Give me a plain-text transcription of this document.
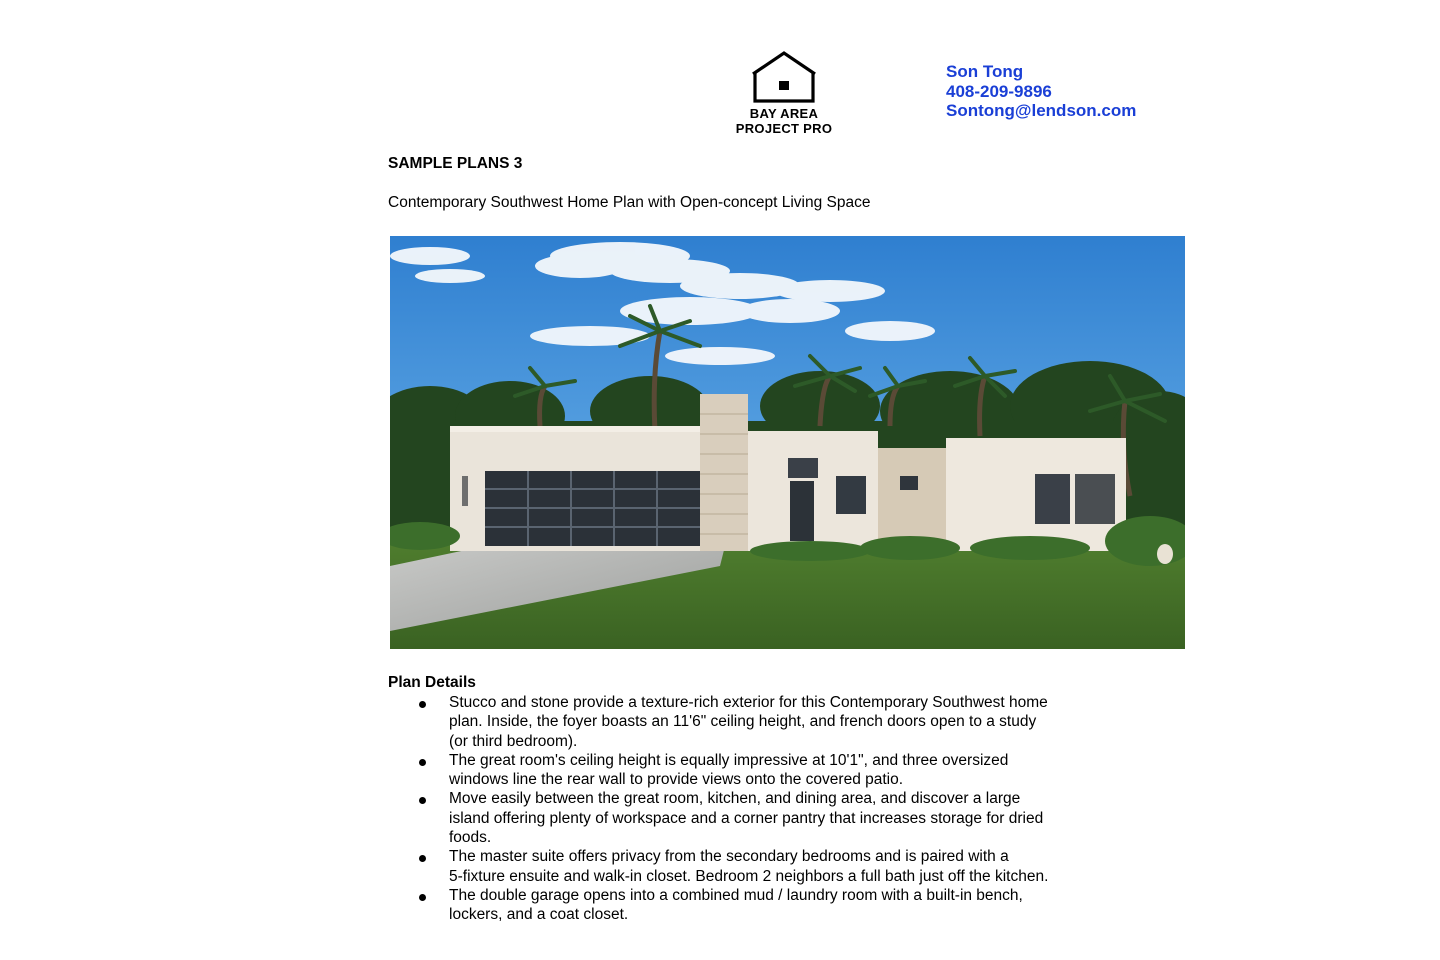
BAY AREA
PROJECT PRO
Son Tong
408-209-9896
Sontong@lendson.com
SAMPLE PLANS 3
Contemporary Southwest Home Plan with Open-concept Living Space
Plan Details
Stucco and stone provide a texture-rich exterior for this Contemporary Southwest home
plan. Inside, the foyer boasts an 11'6" ceiling height, and french doors open to a study
(or third bedroom).
The great room's ceiling height is equally impressive at 10'1", and three oversized
windows line the rear wall to provide views onto the covered patio.
Move easily between the great room, kitchen, and dining area, and discover a large
island offering plenty of workspace and a corner pantry that increases storage for dried
foods.
The master suite offers privacy from the secondary bedrooms and is paired with a
5-fixture ensuite and walk-in closet. Bedroom 2 neighbors a full bath just off the kitchen.
The double garage opens into a combined mud / laundry room with a built-in bench,
lockers, and a coat closet.
